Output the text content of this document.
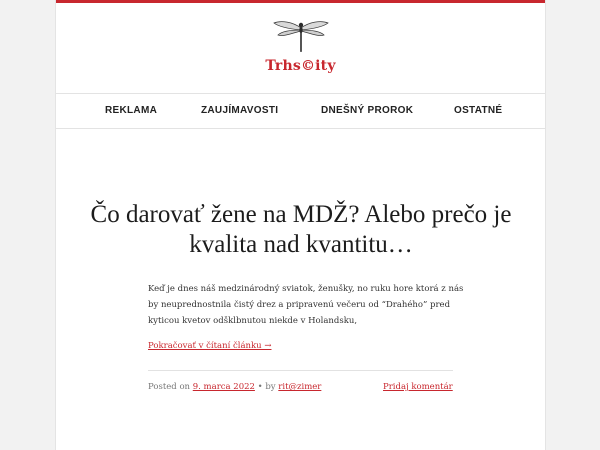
Trhs©ity
REKLAMA	ZAUJÍMAVOSTI	DNEŠNÝ PROROK	OSTATNÉ
Čo darovať žene na MDŽ? Alebo prečo je kvalita nad kvantitu…

Keď je dnes náš medzinárodný sviatok, ženušky, no ruku hore ktorá z nás by neuprednostnila čistý drez a pripravenú večeru od “Drahého” pred kyticou kvetov odšklbnutou niekde v Holandsku,

Pokračovať v čítaní článku →
Posted on 9. marca 2022 • by rit@zimer	Pridaj komentár
